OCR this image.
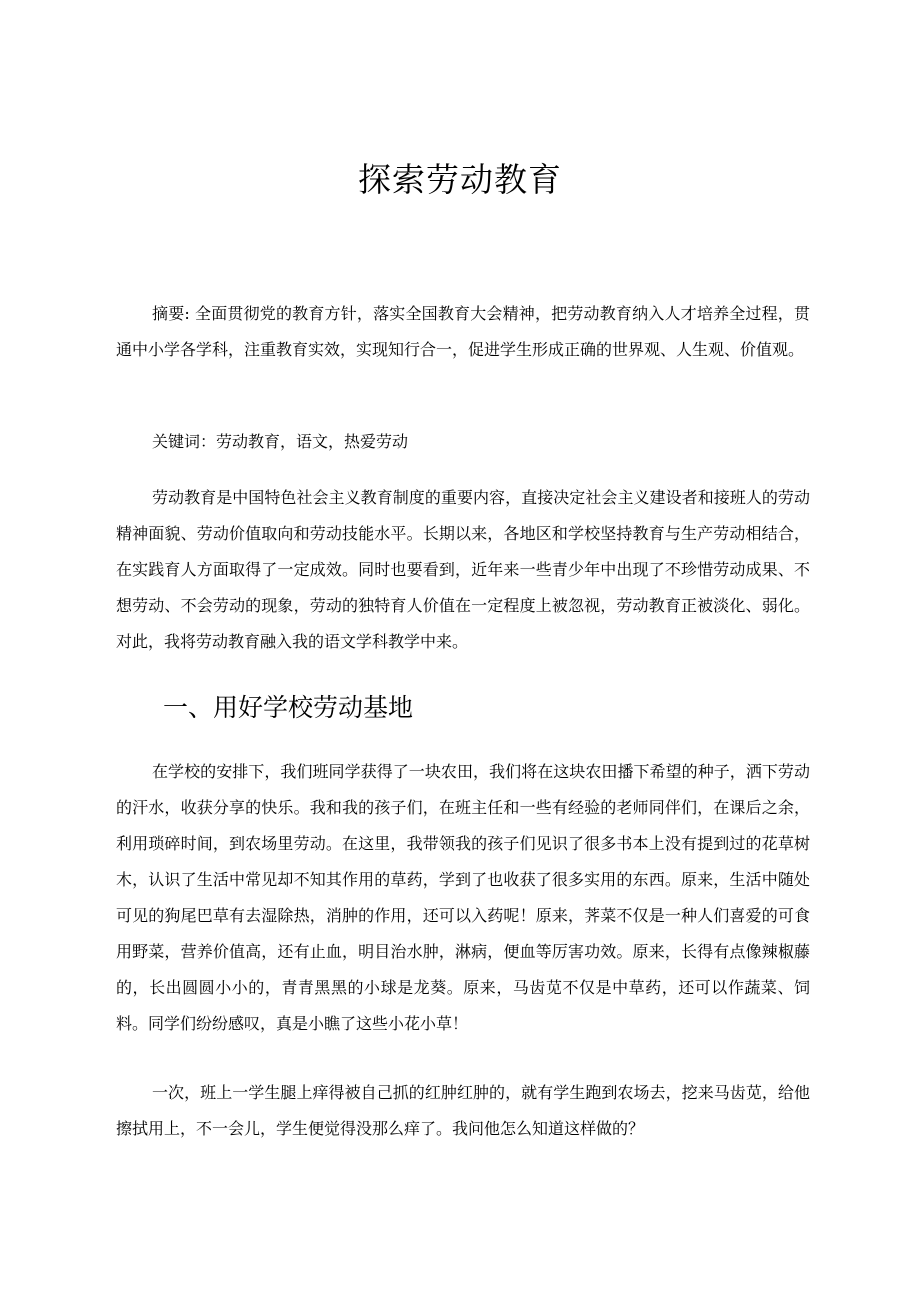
探索劳动教育

摘要: 全面贯彻党的教育方针，落实全国教育大会精神，把劳动教育纳入人才培养全过程，贯通中小学各学科，注重教育实效，实现知行合一，促进学生形成正确的世界观、人生观、价值观。

关键词：劳动教育，语文，热爱劳动

劳动教育是中国特色社会主义教育制度的重要内容，直接决定社会主义建设者和接班人的劳动精神面貌、劳动价值取向和劳动技能水平。长期以来，各地区和学校坚持教育与生产劳动相结合，在实践育人方面取得了一定成效。同时也要看到，近年来一些青少年中出现了不珍惜劳动成果、不想劳动、不会劳动的现象，劳动的独特育人价值在一定程度上被忽视，劳动教育正被淡化、弱化。对此，我将劳动教育融入我的语文学科教学中来。

一、用好学校劳动基地

在学校的安排下，我们班同学获得了一块农田，我们将在这块农田播下希望的种子，洒下劳动的汗水，收获分享的快乐。我和我的孩子们，在班主任和一些有经验的老师同伴们，在课后之余，利用琐碎时间，到农场里劳动。在这里，我带领我的孩子们见识了很多书本上没有提到过的花草树木，认识了生活中常见却不知其作用的草药，学到了也收获了很多实用的东西。原来，生活中随处可见的狗尾巴草有去湿除热，消肿的作用，还可以入药呢！原来，荠菜不仅是一种人们喜爱的可食用野菜，营养价值高，还有止血，明目治水肿，淋病，便血等厉害功效。原来，长得有点像辣椒藤的，长出圆圆小小的，青青黑黑的小球是龙葵。原来，马齿苋不仅是中草药，还可以作蔬菜、饲料。同学们纷纷感叹，真是小瞧了这些小花小草！

一次，班上一学生腿上痒得被自己抓的红肿红肿的，就有学生跑到农场去，挖来马齿苋，给他擦拭用上，不一会儿，学生便觉得没那么痒了。我问他怎么知道这样做的？
